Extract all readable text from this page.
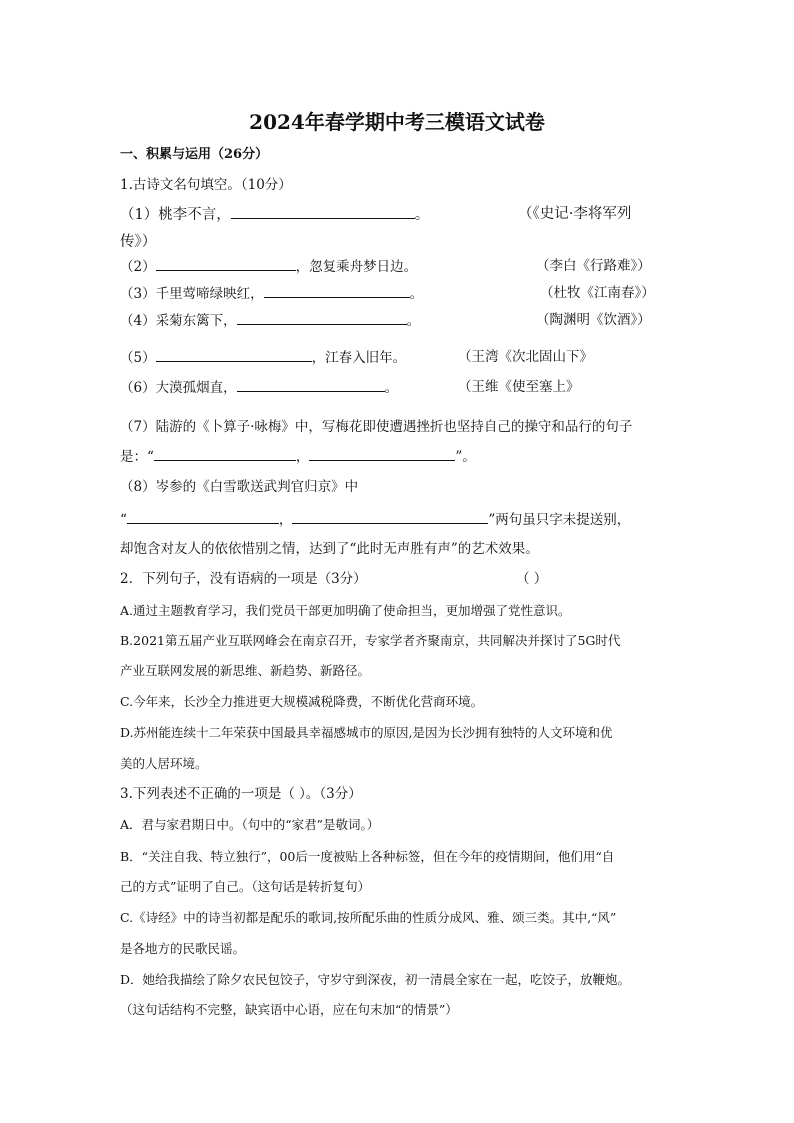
2024年春学期中考三模语文试卷
一、积累与运用（26分）
1.古诗文名句填空。（10分）
（1）桃李不言，	。	（《史记·李将军列
传》）
（2）	，忽复乘舟梦日边。	（李白《行路难》）
（3）千里莺啼绿映红，	。	（杜牧《江南春》）
（4）采菊东篱下，	。	（陶渊明《饮酒》）
（5）	，江春入旧年。	（王湾《次北固山下》
（6）大漠孤烟直，	。	（王维《使至塞上》
（7）陆游的《卜算子·咏梅》中，写梅花即使遭遇挫折也坚持自己的操守和品行的句子
是：“	，	”。
（8）岑参的《白雪歌送武判官归京》中
“	，	”两句虽只字未提送别，
却饱含对友人的依依惜别之情，达到了“此时无声胜有声”的艺术效果。
2．下列句子，没有语病的一项是（3分）	（ ）
A.通过主题教育学习，我们党员干部更加明确了使命担当，更加增强了党性意识。
B.2021第五届产业互联网峰会在南京召开，专家学者齐聚南京，共同解决并探讨了5G时代
产业互联网发展的新思维、新趋势、新路径。
C.今年来，长沙全力推进更大规模减税降费，不断优化营商环境。
D.苏州能连续十二年荣获中国最具幸福感城市的原因,是因为长沙拥有独特的人文环境和优
美的人居环境。
3.下列表述不正确的一项是（ ）。（3分）
A．君与家君期日中。（句中的“家君”是敬词。）
B．“关注自我、特立独行”，00后一度被贴上各种标签，但在今年的疫情期间，他们用“自
己的方式”证明了自己。（这句话是转折复句）
C.《诗经》中的诗当初都是配乐的歌词,按所配乐曲的性质分成风、雅、颂三类。其中,“风”
是各地方的民歌民谣。
D．她给我描绘了除夕农民包饺子，守岁守到深夜，初一清晨全家在一起，吃饺子，放鞭炮。
（这句话结构不完整，缺宾语中心语，应在句末加“的情景”）
